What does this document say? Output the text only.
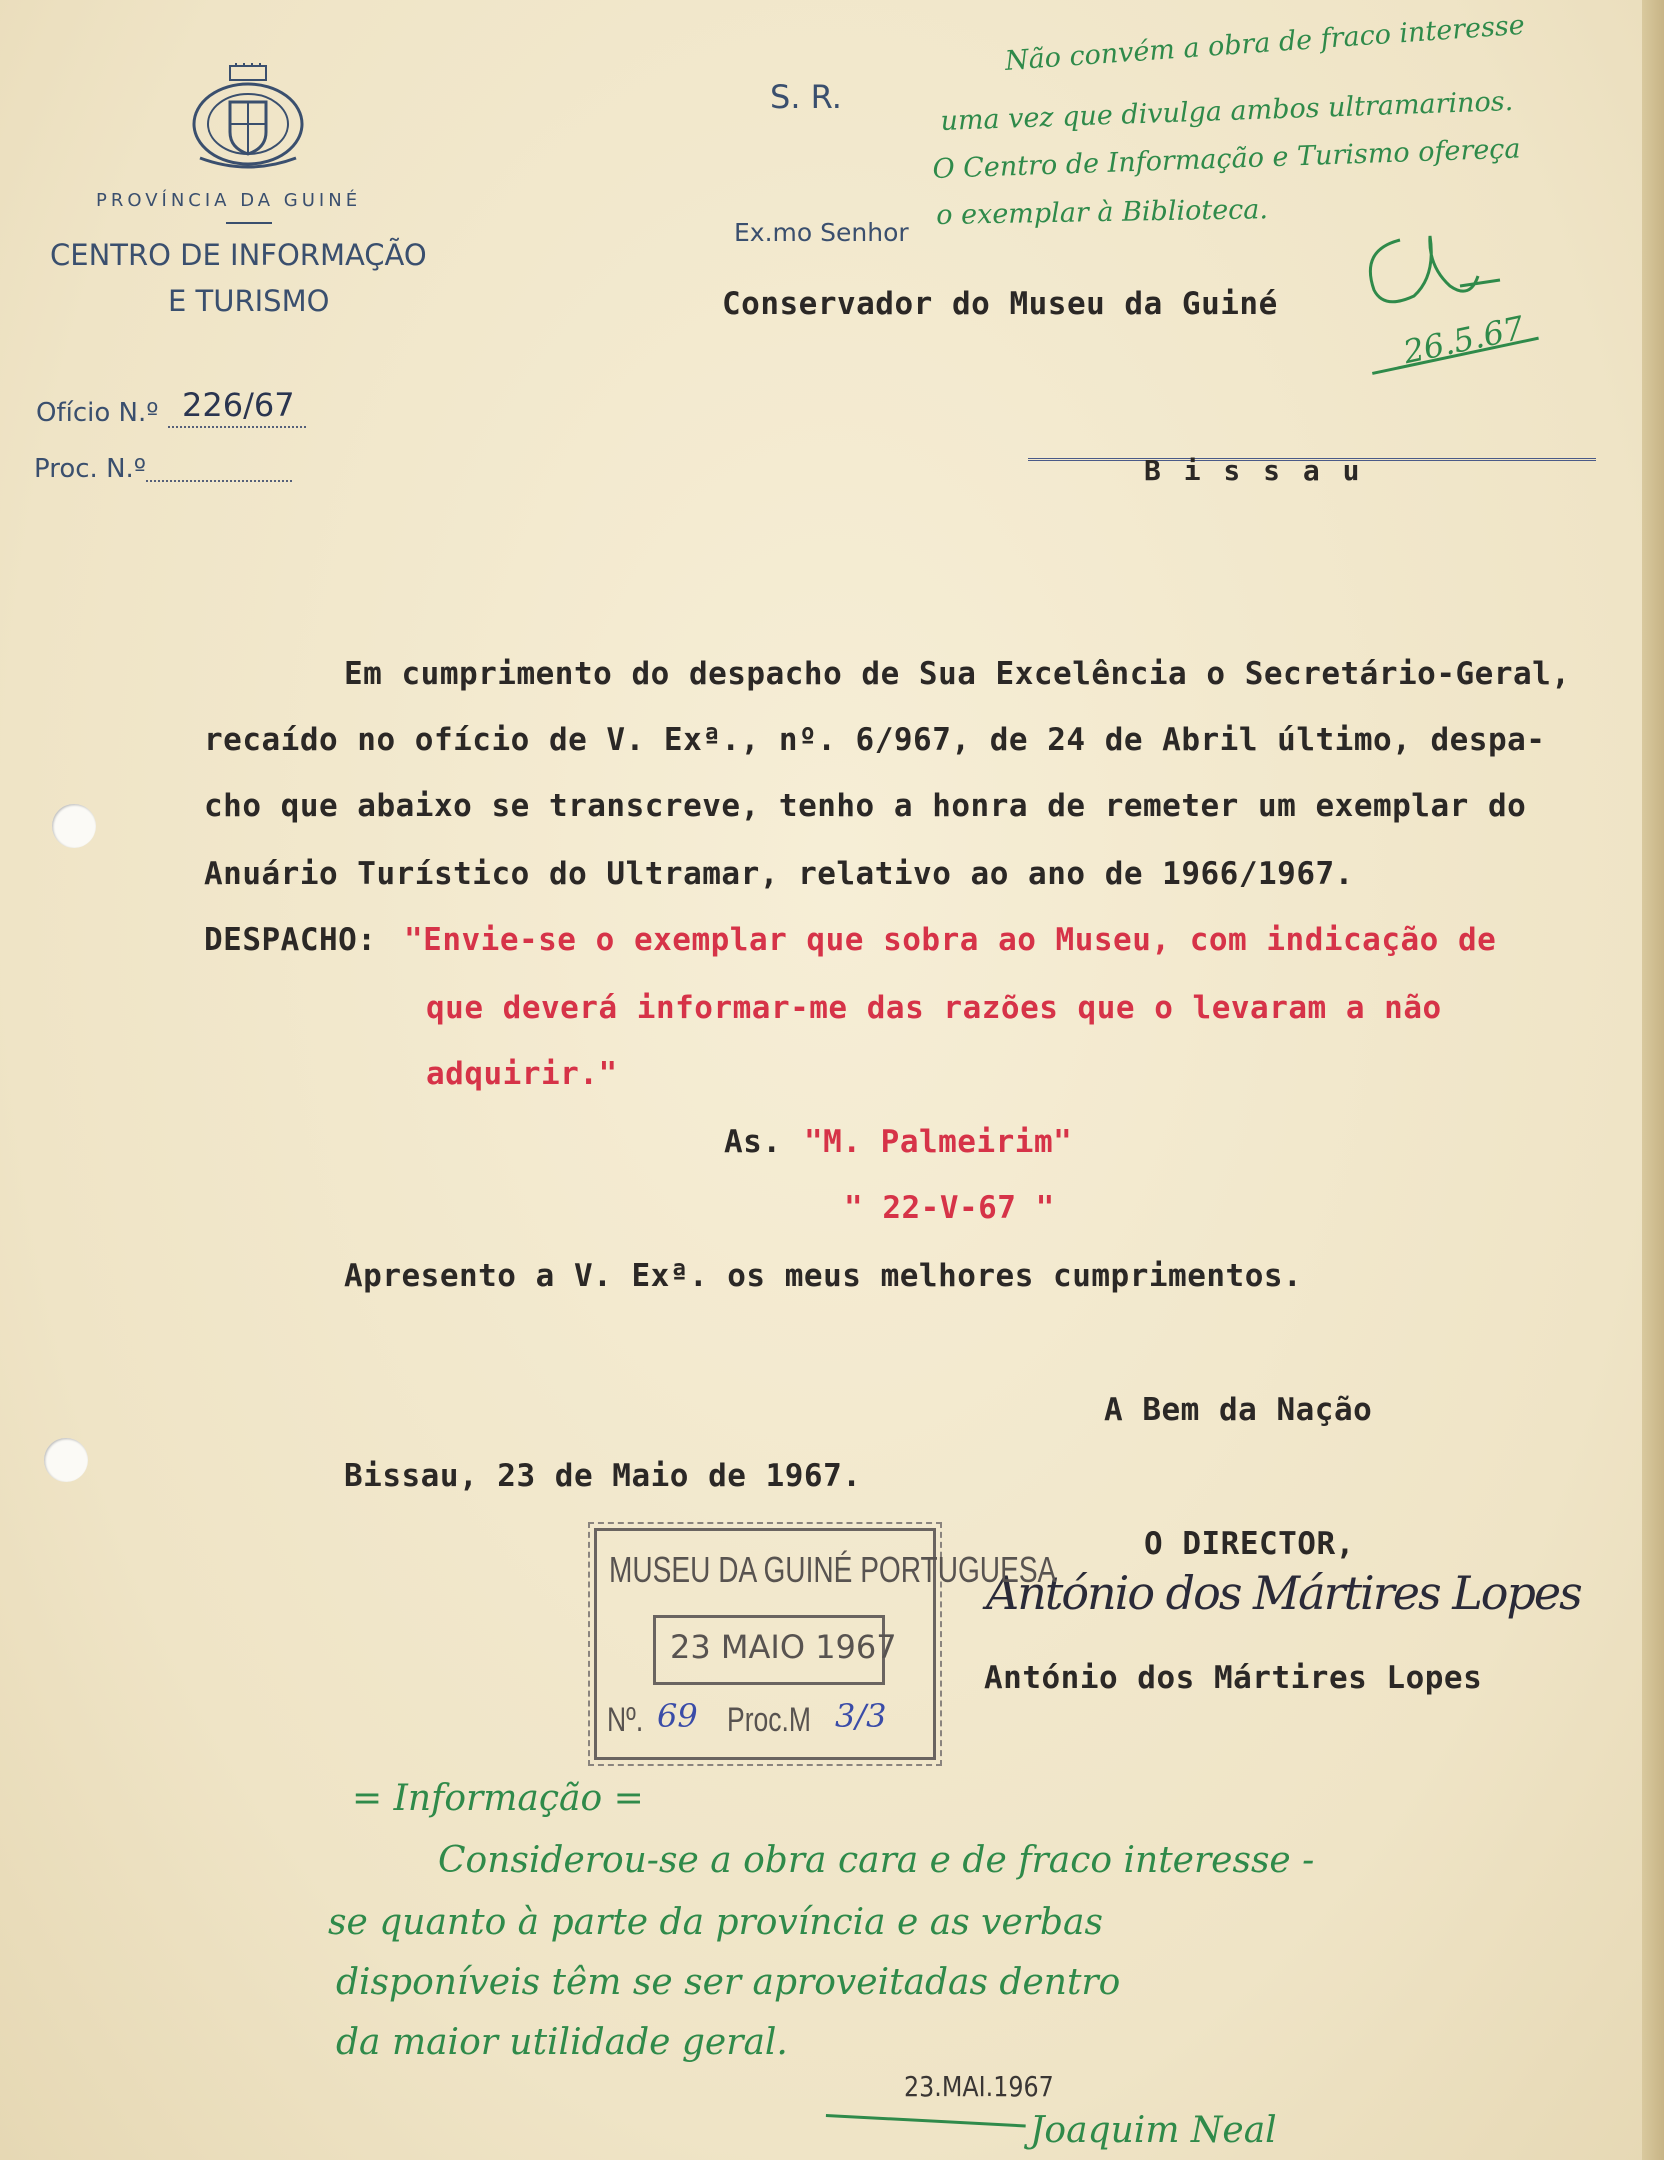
PROVÍNCIA DA GUINÉ
CENTRO DE INFORMAÇÃO
E TURISMO
Ofício N.º 226/67
Proc. N.º
S. R.
Ex.mo Senhor
Conservador do Museu da Guiné
B i s s a u
Não convém a obra de fraco interesse
uma vez que divulga ambos ultramarinos.
O Centro de Informação e Turismo ofereça
o exemplar à Biblioteca.
26.5.67
Em cumprimento do despacho de Sua Excelência o Secretário-Geral,
recaído no ofício de V. Exª., nº. 6/967, de 24 de Abril último, despa-
cho que abaixo se transcreve, tenho a honra de remeter um exemplar do
Anuário Turístico do Ultramar, relativo ao ano de 1966/1967.
DESPACHO: "Envie-se o exemplar que sobra ao Museu, com indicação de
que deverá informar-me das razões que o levaram a não
adquirir."
As. "M. Palmeirim"
" 22-V-67 "
Apresento a V. Exª. os meus melhores cumprimentos.
A Bem da Nação
Bissau, 23 de Maio de 1967.
O DIRECTOR,
António dos Mártires Lopes
António dos Mártires Lopes
MUSEU DA GUINÉ PORTUGUESA
23 MAIO 1967
Nº. 69 Proc.M 3/3
= Informação =
Considerou-se a obra cara e de fraco interesse -
se quanto à parte da província e as verbas
disponíveis têm se ser aproveitadas dentro
da maior utilidade geral.
23.MAI.1967
Joaquim Neal
